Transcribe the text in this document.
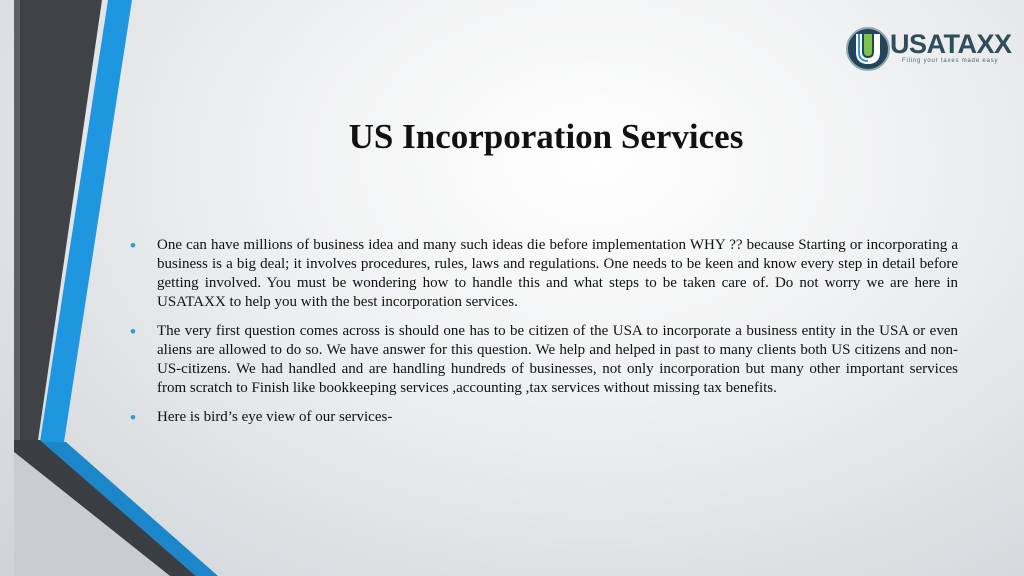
USATAXX
Filing your taxes made easy
US Incorporation Services
• One can have millions of business idea and many such ideas die before implementation WHY ?? because Starting or incorporating a business is a big deal; it involves procedures, rules, laws and regulations. One needs to be keen and know every step in detail before getting involved. You must be wondering how to handle this and what steps to be taken care of. Do not worry we are here in USATAXX to help you with the best incorporation services.
• The very first question comes across is should one has to be citizen of the USA to incorporate a business entity in the USA or even aliens are allowed to do so. We have answer for this question. We help and helped in past to many clients both US citizens and non-US-citizens. We had handled and are handling hundreds of businesses, not only incorporation but many other important services from scratch to Finish like bookkeeping services ,accounting ,tax services without missing tax benefits.
• Here is bird’s eye view of our services-
